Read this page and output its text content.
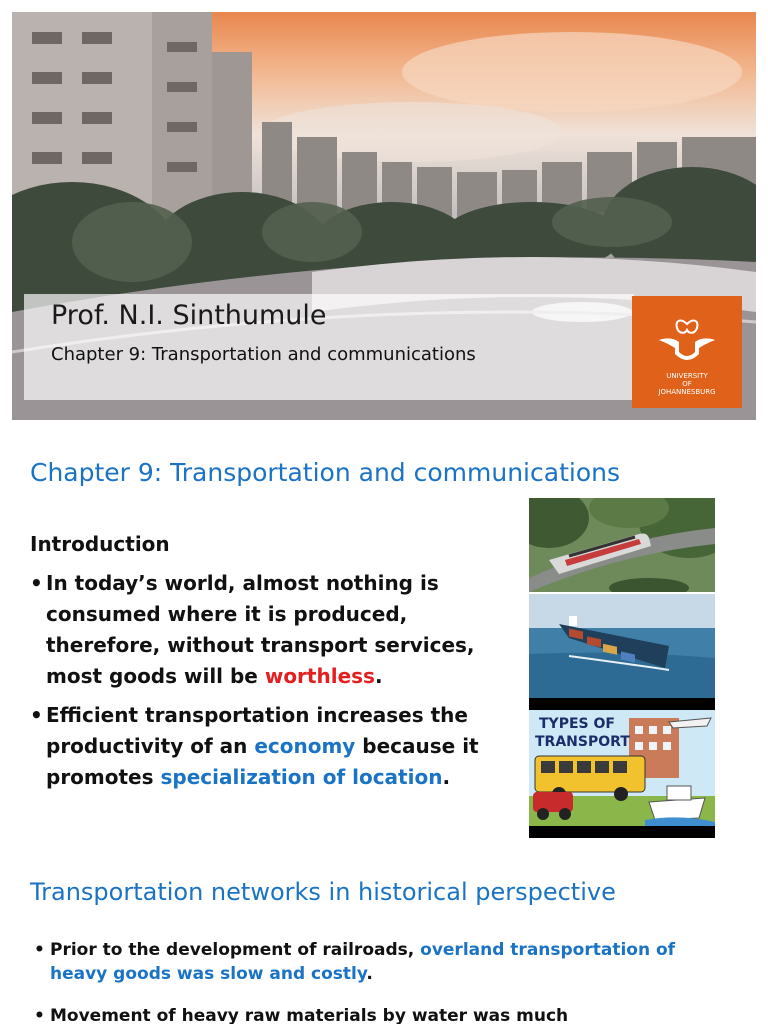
Prof. N.I. Sinthumule
Chapter 9: Transportation and communications
UNIVERSITY
OF
JOHANNESBURG
Chapter 9: Transportation and communications
Introduction
• In today’s world, almost nothing is consumed where it is produced, therefore, without transport services, most goods will be worthless.
• Efficient transportation increases the productivity of an economy because it promotes specialization of location.
TYPES OF
TRANSPORT
Transportation networks in historical perspective
• Prior to the development of railroads, overland transportation of heavy goods was slow and costly.
• Movement of heavy raw materials by water was much
